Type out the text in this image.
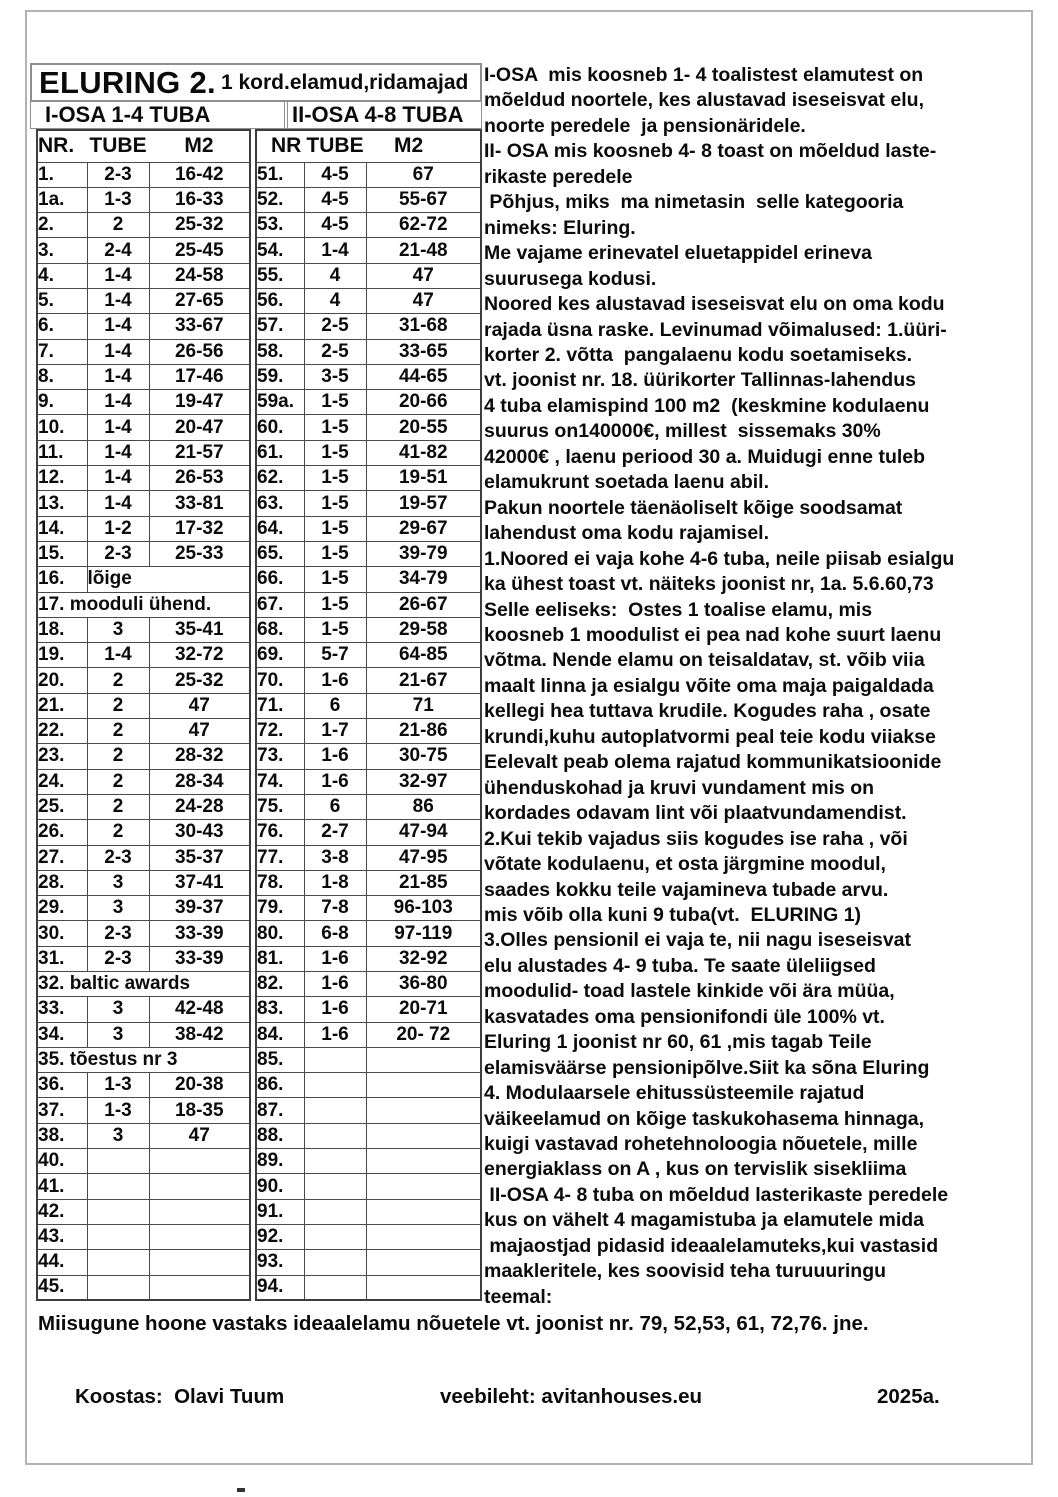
ELURING 2. 1 kord.elamud,ridamajad
I-OSA 1-4 TUBA	II-OSA 4-8 TUBA
NR.	TUBE	M2
1.	2-3	16-42
1a.	1-3	16-33
2.	2	25-32
3.	2-4	25-45
4.	1-4	24-58
5.	1-4	27-65
6.	1-4	33-67
7.	1-4	26-56
8.	1-4	17-46
9.	1-4	19-47
10.	1-4	20-47
11.	1-4	21-57
12.	1-4	26-53
13.	1-4	33-81
14.	1-2	17-32
15.	2-3	25-33
16.	lõige	
17. mooduli ühend.		
18.	3	35-41
19.	1-4	32-72
20.	2	25-32
21.	2	47
22.	2	47
23.	2	28-32
24.	2	28-34
25.	2	24-28
26.	2	30-43
27.	2-3	35-37
28.	3	37-41
29.	3	39-37
30.	2-3	33-39
31.	2-3	33-39
32. baltic awards		
33.	3	42-48
34.	3	38-42
35. tõestus nr 3		
36.	1-3	20-38
37.	1-3	18-35
38.	3	47
40.		
41.		
42.		
43.		
44.		
45.		
NR	TUBE	M2
51.	4-5	67
52.	4-5	55-67
53.	4-5	62-72
54.	1-4	21-48
55.	4	47
56.	4	47
57.	2-5	31-68
58.	2-5	33-65
59.	3-5	44-65
59a.	1-5	20-66
60.	1-5	20-55
61.	1-5	41-82
62.	1-5	19-51
63.	1-5	19-57
64.	1-5	29-67
65.	1-5	39-79
66.	1-5	34-79
67.	1-5	26-67
68.	1-5	29-58
69.	5-7	64-85
70.	1-6	21-67
71.	6	71
72.	1-7	21-86
73.	1-6	30-75
74.	1-6	32-97
75.	6	86
76.	2-7	47-94
77.	3-8	47-95
78.	1-8	21-85
79.	7-8	96-103
80.	6-8	97-119
81.	1-6	32-92
82.	1-6	36-80
83.	1-6	20-71
84.	1-6	20- 72
85.		
86.		
87.		
88.		
89.		
90.		
91.		
92.		
93.		
94.		
I-OSA  mis koosneb 1- 4 toalistest elamutest on
mõeldud noortele, kes alustavad iseseisvat elu,
noorte peredele  ja pensionäridele.
II- OSA mis koosneb 4- 8 toast on mõeldud laste-
rikaste peredele
Põhjus, miks  ma nimetasin  selle kategooria
nimeks: Eluring.
Me vajame erinevatel eluetappidel erineva
suurusega kodusi.
Noored kes alustavad iseseisvat elu on oma kodu
rajada üsna raske. Levinumad võimalused: 1.üüri-
korter 2. võtta  pangalaenu kodu soetamiseks.
vt. joonist nr. 18. üürikorter Tallinnas-lahendus
4 tuba elamispind 100 m2  (keskmine kodulaenu
suurus on140000€, millest  sissemaks 30%
42000€ , laenu periood 30 a. Muidugi enne tuleb
elamukrunt soetada laenu abil.
Pakun noortele täenäoliselt kõige soodsamat
lahendust oma kodu rajamisel.
1.Noored ei vaja kohe 4-6 tuba, neile piisab esialgu
ka ühest toast vt. näiteks joonist nr, 1a. 5.6.60,73
Selle eeliseks:  Ostes 1 toalise elamu, mis
koosneb 1 moodulist ei pea nad kohe suurt laenu
võtma. Nende elamu on teisaldatav, st. võib viia
maalt linna ja esialgu võite oma maja paigaldada
kellegi hea tuttava krudile. Kogudes raha , osate
krundi,kuhu autoplatvormi peal teie kodu viiakse
Eelevalt peab olema rajatud kommunikatsioonide
ühenduskohad ja kruvi vundament mis on
kordades odavam lint või plaatvundamendist.
2.Kui tekib vajadus siis kogudes ise raha , või
võtate kodulaenu, et osta järgmine moodul,
saades kokku teile vajamineva tubade arvu.
mis võib olla kuni 9 tuba(vt.  ELURING 1)
3.Olles pensionil ei vaja te, nii nagu iseseisvat
elu alustades 4- 9 tuba. Te saate üleliigsed
moodulid- toad lastele kinkide või ära müüa,
kasvatades oma pensionifondi üle 100% vt.
Eluring 1 joonist nr 60, 61 ,mis tagab Teile
elamisväärse pensionipõlve.Siit ka sõna Eluring
4. Modulaarsele ehitussüsteemile rajatud
väikeelamud on kõige taskukohasema hinnaga,
kuigi vastavad rohetehnoloogia nõuetele, mille
energiaklass on A , kus on tervislik sisekliima
II-OSA 4- 8 tuba on mõeldud lasterikaste peredele
kus on vähelt 4 magamistuba ja elamutele mida
majaostjad pidasid ideaalelamuteks,kui vastasid
maakleritele, kes soovisid teha turuuuringu
teemal:
Miisugune hoone vastaks ideaalelamu nõuetele vt. joonist nr. 79, 52,53, 61, 72,76. jne.
Koostas:  Olavi Tuum	veebileht: avitanhouses.eu	2025a.
